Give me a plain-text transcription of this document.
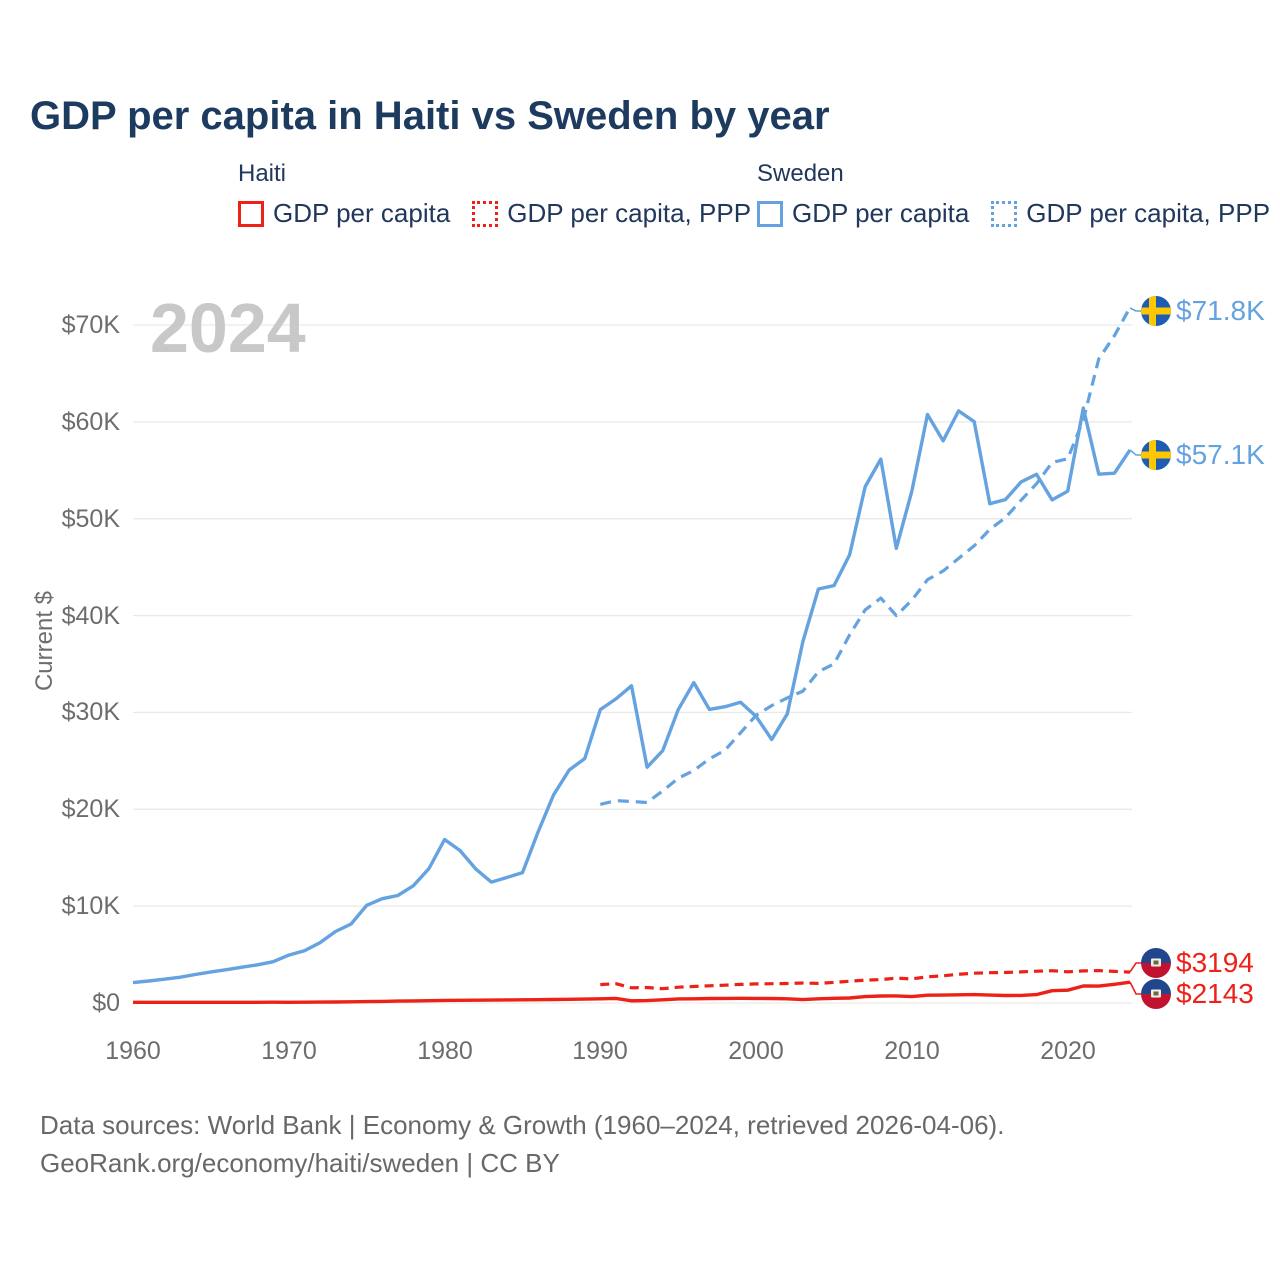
2024
GDP per capita in Haiti vs Sweden by year
Haiti
GDP per capita GDP per capita, PPP
Sweden
GDP per capita GDP per capita, PPP
Current $
$0
$10K
$20K
$30K
$40K
$50K
$60K
$70K
1960	1970	1980	1990	2000	2010	2020
$71.8K
$57.1K
$3194
$2143
Data sources: World Bank | Economy & Growth (1960–2024, retrieved 2026-04-06).
GeoRank.org/economy/haiti/sweden | CC BY
